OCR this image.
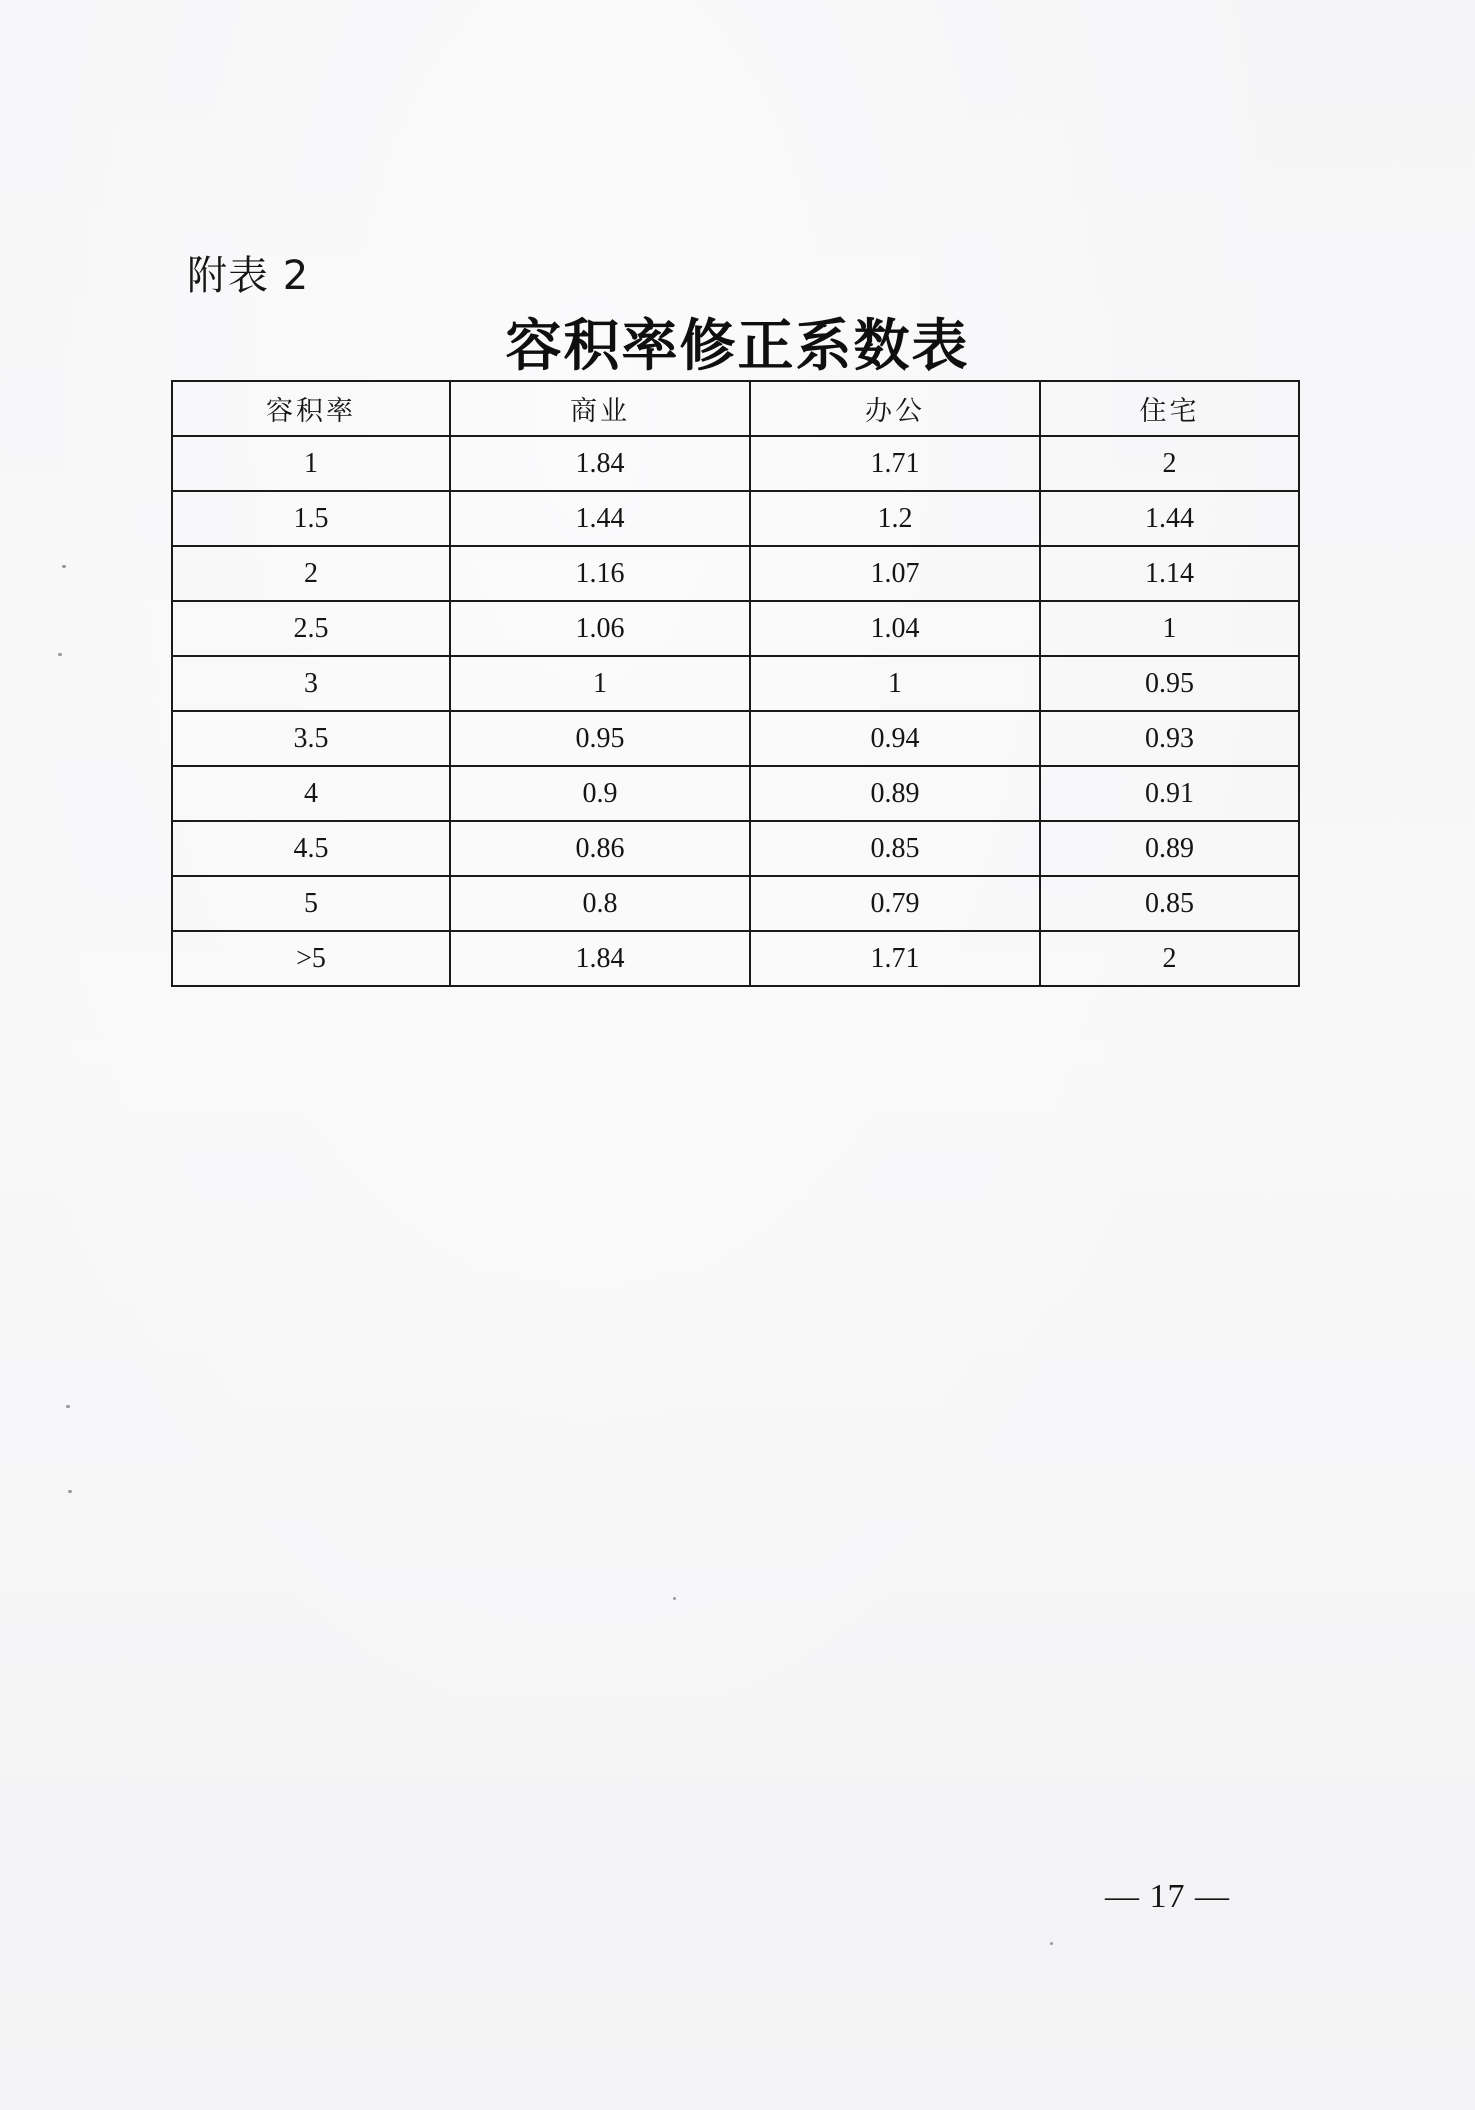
附表 2
容积率修正系数表
容积率	商业	办公	住宅
1	1.84	1.71	2
1.5	1.44	1.2	1.44
2	1.16	1.07	1.14
2.5	1.06	1.04	1
3	1	1	0.95
3.5	0.95	0.94	0.93
4	0.9	0.89	0.91
4.5	0.86	0.85	0.89
5	0.8	0.79	0.85
>5	1.84	1.71	2
— 17 —
